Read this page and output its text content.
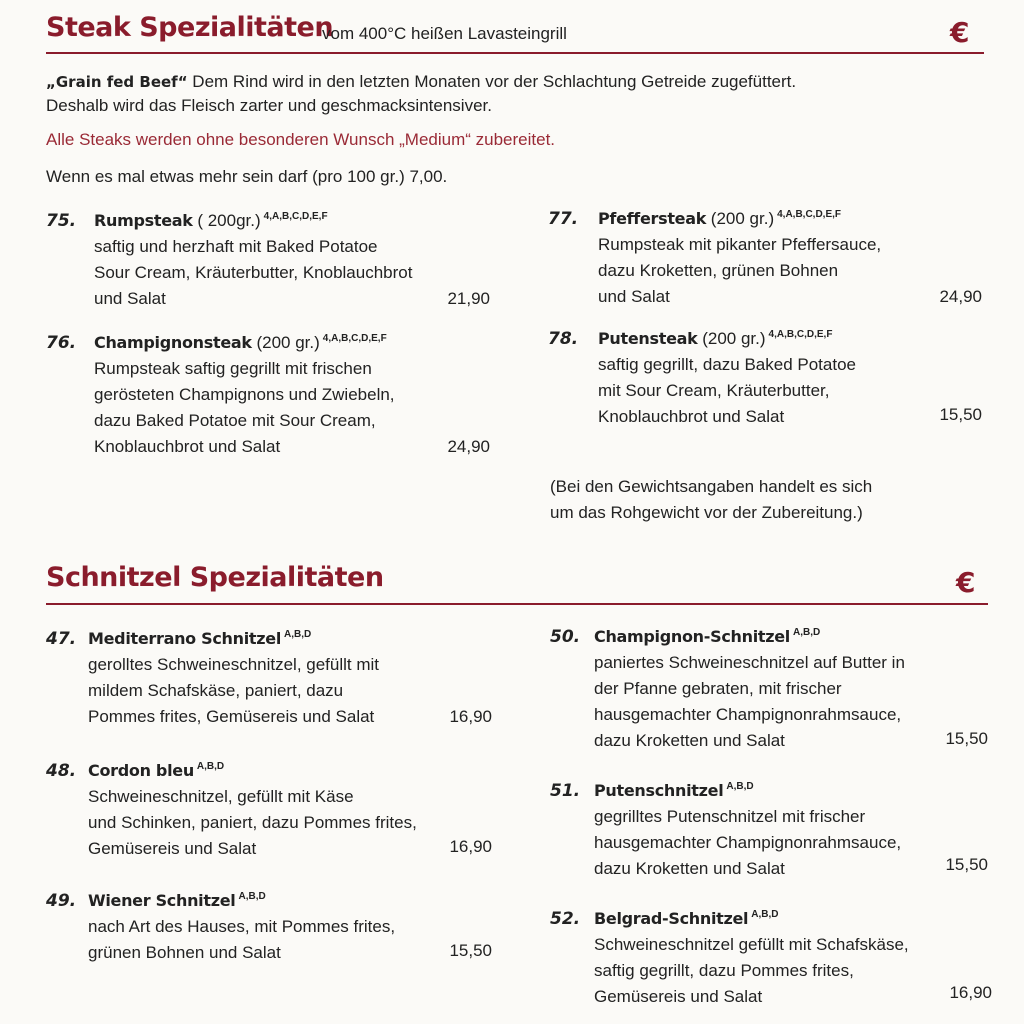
Steak Spezialitäten
vom 400°C heißen Lavasteingrill	€
„Grain fed Beef“ Dem Rind wird in den letzten Monaten vor der Schlachtung Getreide zugefüttert.
Deshalb wird das Fleisch zarter und geschmacksintensiver.
Alle Steaks werden ohne besonderen Wunsch „Medium“ zubereitet.
Wenn es mal etwas mehr sein darf (pro 100 gr.) 7,00.
75. Rumpsteak ( 200gr.) $^{4,A,B,C,D,E,F}$
saftig und herzhaft mit Baked Potatoe
Sour Cream, Kräuterbutter, Knoblauchbrot
und Salat	21,90
76. Champignonsteak (200 gr.) $^{4,A,B,C,D,E,F}$
Rumpsteak saftig gegrillt mit frischen
gerösteten Champignons und Zwiebeln,
dazu Baked Potatoe mit Sour Cream,
Knoblauchbrot und Salat	24,90
77. Pfeffersteak (200 gr.) $^{4,A,B,C,D,E,F}$
Rumpsteak mit pikanter Pfeffersauce,
dazu Kroketten, grünen Bohnen
und Salat	24,90
78. Putensteak (200 gr.) $^{4,A,B,C,D,E,F}$
saftig gegrillt, dazu Baked Potatoe
mit Sour Cream, Kräuterbutter,
Knoblauchbrot und Salat	15,50
(Bei den Gewichtsangaben handelt es sich
um das Rohgewicht vor der Zubereitung.)
Schnitzel Spezialitäten	€
47. Mediterrano Schnitzel $^{A,B,D}$
gerolltes Schweineschnitzel, gefüllt mit
mildem Schafskäse, paniert, dazu
Pommes frites, Gemüsereis und Salat	16,90
48. Cordon bleu $^{A,B,D}$
Schweineschnitzel, gefüllt mit Käse
und Schinken, paniert, dazu Pommes frites,
Gemüsereis und Salat	16,90
49. Wiener Schnitzel $^{A,B,D}$
nach Art des Hauses, mit Pommes frites,
grünen Bohnen und Salat	15,50
50. Champignon-Schnitzel $^{A,B,D}$
paniertes Schweineschnitzel auf Butter in
der Pfanne gebraten, mit frischer
hausgemachter Champignonrahmsauce,
dazu Kroketten und Salat	15,50
51. Putenschnitzel $^{A,B,D}$
gegrilltes Putenschnitzel mit frischer
hausgemachter Champignonrahmsauce,
dazu Kroketten und Salat	15,50
52. Belgrad-Schnitzel $^{A,B,D}$
Schweineschnitzel gefüllt mit Schafskäse,
saftig gegrillt, dazu Pommes frites,
Gemüsereis und Salat	16,90
